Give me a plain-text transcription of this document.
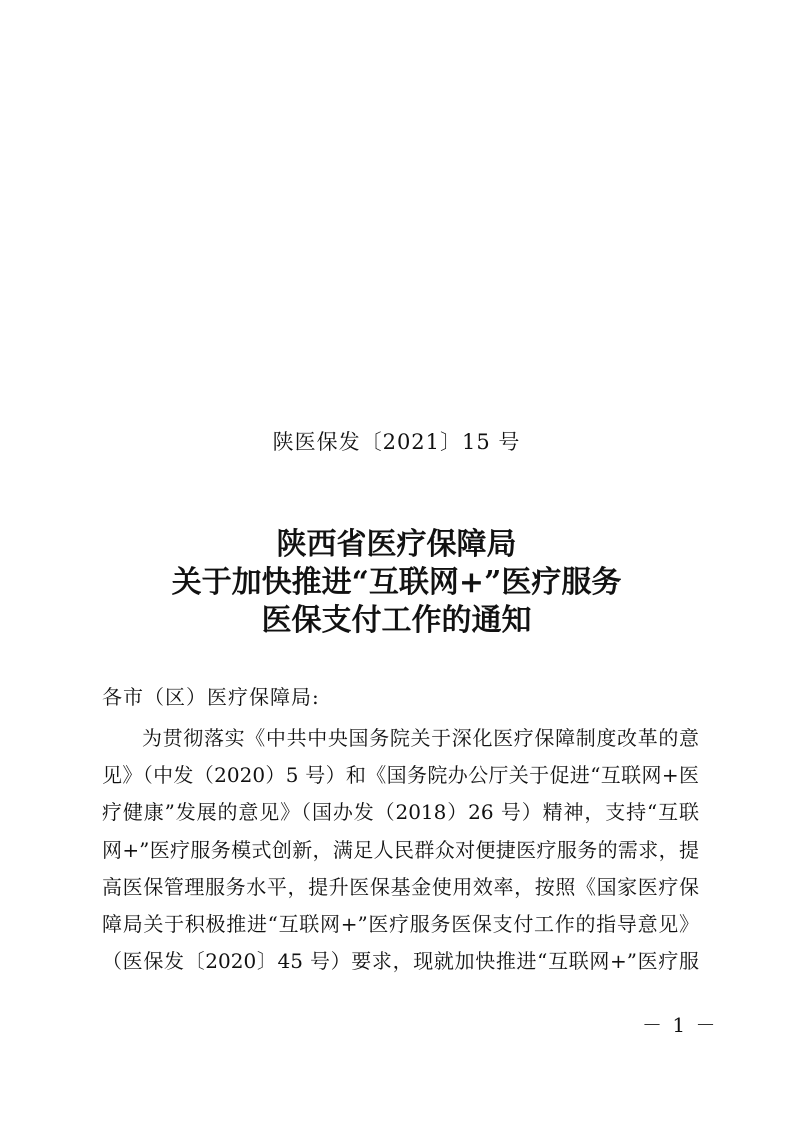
陕医保发〔2021〕15 号
陕西省医疗保障局
关于加快推进“互联网+”医疗服务
医保支付工作的通知
各市（区）医疗保障局:
为贯彻落实《中共中央国务院关于深化医疗保障制度改革的意
见》（中发（2020）5 号）和《国务院办公厅关于促进“互联网+医
疗健康”发展的意见》（国办发（2018）26 号）精神，支持“互联
网+”医疗服务模式创新，满足人民群众对便捷医疗服务的需求，提
高医保管理服务水平，提升医保基金使用效率，按照《国家医疗保
障局关于积极推进“互联网+”医疗服务医保支付工作的指导意见》
（医保发〔2020〕45 号）要求，现就加快推进“互联网+”医疗服
－ 1 －
